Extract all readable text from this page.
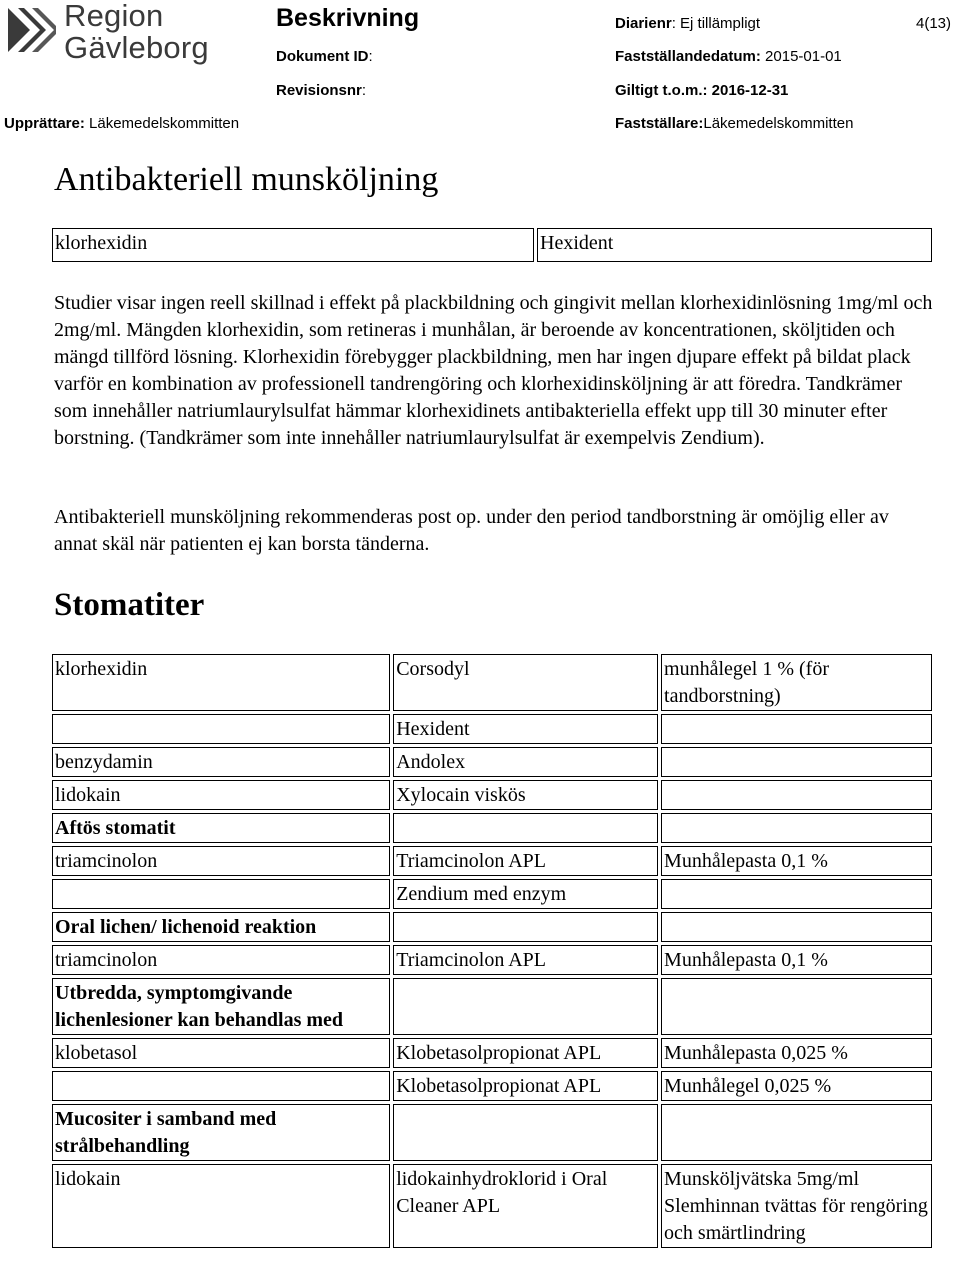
Region
Gävleborg
Beskrivning	Diarienr: Ej tillämpligt	4(13)
Dokument ID:	Fastställandedatum: 2015-01-01
Revisionsnr:	Giltigt t.o.m.: 2016-12-31
Upprättare: Läkemedelskommitten	Fastställare:Läkemedelskommitten
Antibakteriell munsköljning
klorhexidin	Hexident

Studier visar ingen reell skillnad i effekt på plackbildning och gingivit mellan klorhexidinlösning 1mg/ml och 2mg/ml. Mängden klorhexidin, som retineras i munhålan, är beroende av koncentrationen, sköljtiden och mängd tillförd lösning. Klorhexidin förebygger plackbildning, men har ingen djupare effekt på bildat plack varför en kombination av professionell tandrengöring och klorhexidinsköljning är att föredra. Tandkrämer som innehåller natriumlaurylsulfat hämmar klorhexidinets antibakteriella effekt upp till 30 minuter efter borstning. (Tandkrämer som inte innehåller natriumlaurylsulfat är exempelvis Zendium).

Antibakteriell munsköljning rekommenderas post op. under den period tandborstning är omöjlig eller av annat skäl när patienten ej kan borsta tänderna.

Stomatiter
klorhexidin	Corsodyl	munhålegel 1 % (för tandborstning)
	Hexident	
benzydamin	Andolex	
lidokain	Xylocain viskös	
Aftös stomatit		
triamcinolon	Triamcinolon APL	Munhålepasta 0,1 %
	Zendium med enzym	
Oral lichen/ lichenoid reaktion		
triamcinolon	Triamcinolon APL	Munhålepasta 0,1 %
Utbredda, symptomgivande lichenlesioner kan behandlas med		
klobetasol	Klobetasolpropionat APL	Munhålepasta 0,025 %
	Klobetasolpropionat APL	Munhålegel 0,025 %
Mucositer i samband med strålbehandling		
lidokain	lidokainhydroklorid i Oral Cleaner APL	Munsköljvätska 5mg/ml Slemhinnan tvättas för rengöring och smärtlindring
